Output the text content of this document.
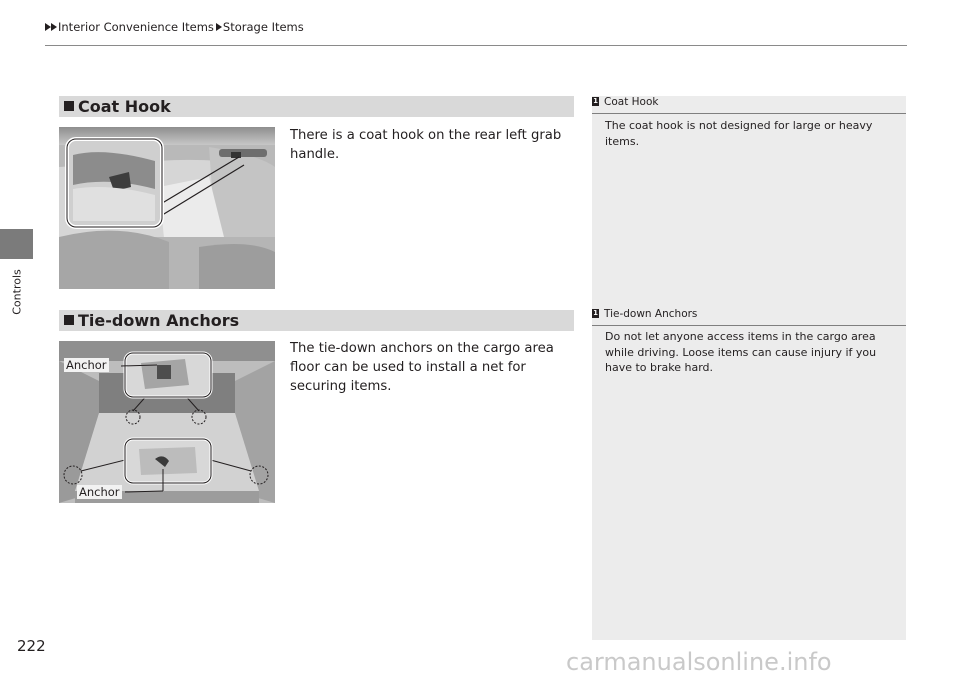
Interior Convenience Items Storage Items
Controls
Coat Hook
There is a coat hook on the rear left grab handle.
1 Coat Hook
The coat hook is not designed for large or heavy items.
Tie-down Anchors
Anchor
Anchor
The tie-down anchors on the cargo area floor can be used to install a net for securing items.
1 Tie-down Anchors
Do not let anyone access items in the cargo area while driving. Loose items can cause injury if you have to brake hard.
222
carmanualsonline.info
